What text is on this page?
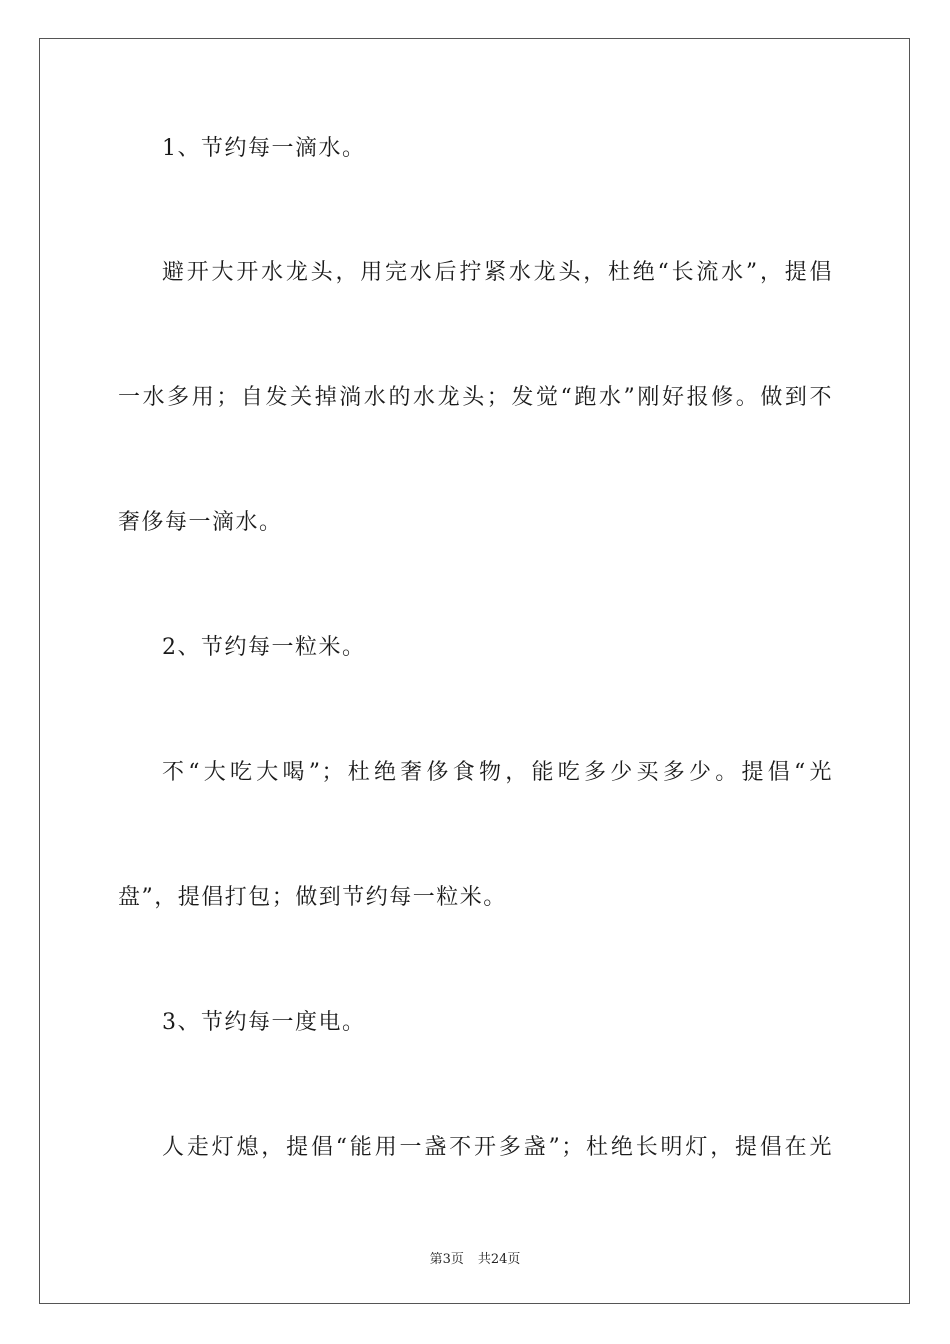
1、节约每一滴水。
避开大开水龙头，用完水后拧紧水龙头，杜绝“长流水”，提倡
一水多用；自发关掉淌水的水龙头；发觉“跑水”刚好报修。做到不
奢侈每一滴水。
2、节约每一粒米。
不“大吃大喝”；杜绝奢侈食物，能吃多少买多少。提倡“光
盘”，提倡打包；做到节约每一粒米。
3、节约每一度电。
人走灯熄，提倡“能用一盏不开多盏”；杜绝长明灯，提倡在光
第3页 共24页
